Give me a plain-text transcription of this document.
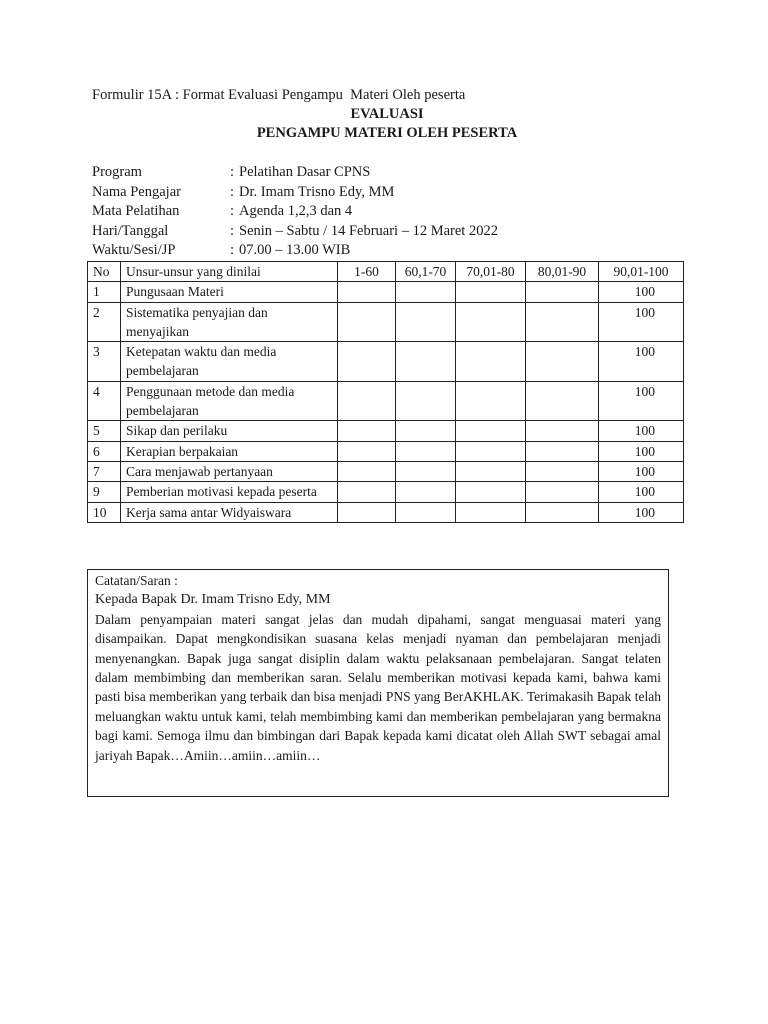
Formulir 15A : Format Evaluasi Pengampu  Materi Oleh peserta
EVALUASI
PENGAMPU MATERI OLEH PESERTA
Program	: Pelatihan Dasar CPNS
Nama Pengajar	: Dr. Imam Trisno Edy, MM
Mata Pelatihan	: Agenda 1,2,3 dan 4
Hari/Tanggal	: Senin – Sabtu / 14 Februari – 12 Maret 2022
Waktu/Sesi/JP	: 07.00 – 13.00 WIB
No	Unsur-unsur yang dinilai	1-60	60,1-70	70,01-80	80,01-90	90,01-100
1	Pungusaan Materi					100
2	Sistematika penyajian dan menyajikan					100
3	Ketepatan waktu dan media pembelajaran					100
4	Penggunaan metode dan media pembelajaran					100
5	Sikap dan perilaku					100
6	Kerapian berpakaian					100
7	Cara menjawab pertanyaan					100
9	Pemberian motivasi kepada peserta					100
10	Kerja sama antar Widyaiswara					100
Catatan/Saran :
Kepada Bapak Dr. Imam Trisno Edy, MM
Dalam penyampaian materi sangat jelas dan mudah dipahami, sangat menguasai materi yang disampaikan. Dapat mengkondisikan suasana kelas menjadi nyaman dan pembelajaran menjadi menyenangkan. Bapak juga sangat disiplin dalam waktu pelaksanaan pembelajaran. Sangat telaten dalam membimbing dan memberikan saran. Selalu memberikan motivasi kepada kami, bahwa kami pasti bisa memberikan yang terbaik dan bisa menjadi PNS yang BerAKHLAK. Terimakasih Bapak telah meluangkan waktu untuk kami, telah membimbing kami dan memberikan pembelajaran yang bermakna bagi kami. Semoga ilmu dan bimbingan dari Bapak kepada kami dicatat oleh Allah SWT sebagai amal jariyah Bapak…Amiin…amiin…amiin…
